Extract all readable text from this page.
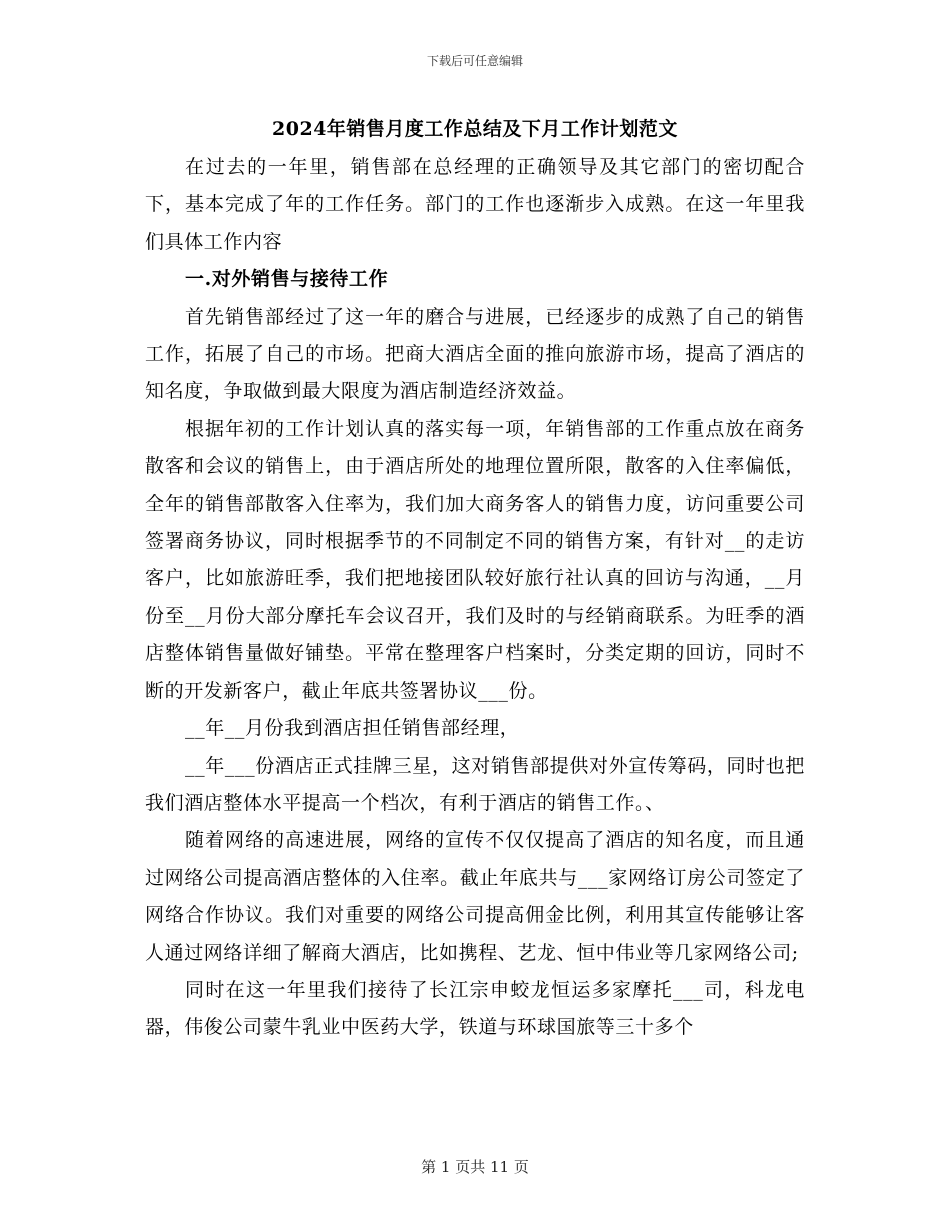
下载后可任意编辑
2024年销售月度工作总结及下月工作计划范文

在过去的一年里，销售部在总经理的正确领导及其它部门的密切配合下，基本完成了年的工作任务。部门的工作也逐渐步入成熟。在这一年里我们具体工作内容

一.对外销售与接待工作

首先销售部经过了这一年的磨合与进展，已经逐步的成熟了自己的销售工作，拓展了自己的市场。把商大酒店全面的推向旅游市场，提高了酒店的知名度，争取做到最大限度为酒店制造经济效益。

根据年初的工作计划认真的落实每一项，年销售部的工作重点放在商务散客和会议的销售上，由于酒店所处的地理位置所限，散客的入住率偏低，全年的销售部散客入住率为，我们加大商务客人的销售力度，访问重要公司签署商务协议，同时根据季节的不同制定不同的销售方案，有针对__的走访客户，比如旅游旺季，我们把地接团队较好旅行社认真的回访与沟通，__月份至__月份大部分摩托车会议召开，我们及时的与经销商联系。为旺季的酒店整体销售量做好铺垫。平常在整理客户档案时，分类定期的回访，同时不断的开发新客户，截止年底共签署协议___份。

__年__月份我到酒店担任销售部经理，

__年___份酒店正式挂牌三星，这对销售部提供对外宣传筹码，同时也把我们酒店整体水平提高一个档次，有利于酒店的销售工作。、

随着网络的高速进展，网络的宣传不仅仅提高了酒店的知名度，而且通过网络公司提高酒店整体的入住率。截止年底共与___家网络订房公司签定了网络合作协议。我们对重要的网络公司提高佣金比例，利用其宣传能够让客人通过网络详细了解商大酒店，比如携程、艺龙、恒中伟业等几家网络公司;

同时在这一年里我们接待了长江宗申蛟龙恒运多家摩托___司，科龙电器，伟俊公司蒙牛乳业中医药大学，铁道与环球国旅等三十多个

第 1 页共 11 页
